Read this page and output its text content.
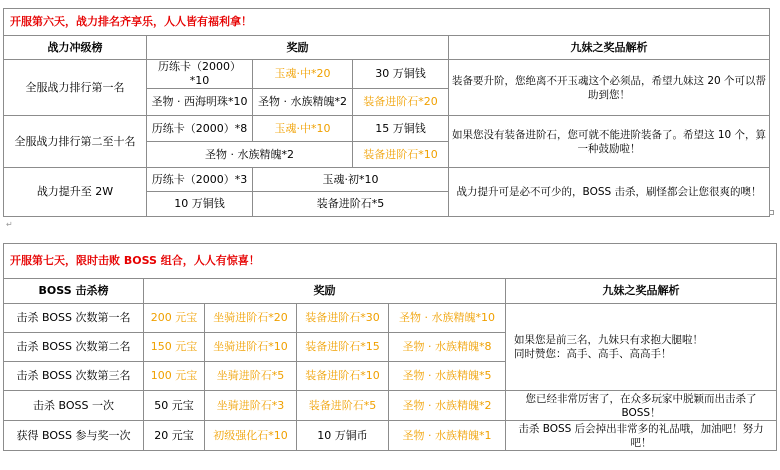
开服第六天，战力排名齐享乐，人人皆有福利拿！				
战力冲级榜	奖励			九妹之奖品解析
全服战力排行第一名	历练卡（2000）*10	玉魂·中*20	30 万铜钱	装备要升阶，您绝离不开玉魂这个必须品，希望九妹这 20 个可以帮助到您！
	圣物 · 西海明珠*10	圣物 · 水族精魄*2	装备进阶石*20	
全服战力排行第二至十名	历练卡（2000）*8	玉魂·中*10	15 万铜钱	如果您没有装备进阶石，您可就不能进阶装备了。希望这 10 个，算一种鼓励啦！
	圣物 · 水族精魄*2		装备进阶石*10	
战力提升至 2W	历练卡（2000）*3	玉魂·初*10		战力提升可是必不可少的，BOSS 击杀，刷怪都会让您很爽的噢！
	10 万铜钱	装备进阶石*5		
↵
开服第七天，限时击败 BOSS 组合，人人有惊喜！					
BOSS 击杀榜	奖励				九妹之奖品解析
击杀 BOSS 次数第一名	200 元宝	坐骑进阶石*20	装备进阶石*30	圣物 · 水族精魄*10	如果您是前三名，九妹只有求抱大腿啦！
同时赞您：高手、高手、高高手！

击杀 BOSS 次数第二名	150 元宝	坐骑进阶石*10	装备进阶石*15	圣物 · 水族精魄*8	
击杀 BOSS 次数第三名	100 元宝	坐骑进阶石*5	装备进阶石*10	圣物 · 水族精魄*5	
击杀 BOSS 一次	50 元宝	坐骑进阶石*3	装备进阶石*5	圣物 · 水族精魄*2	您已经非常厉害了，在众多玩家中脱颖而出击杀了 BOSS！
获得 BOSS 参与奖一次	20 元宝	初级强化石*10	10 万铜币	圣物 · 水族精魄*1	击杀 BOSS 后会掉出非常多的礼品哦，加油吧！努力吧！
